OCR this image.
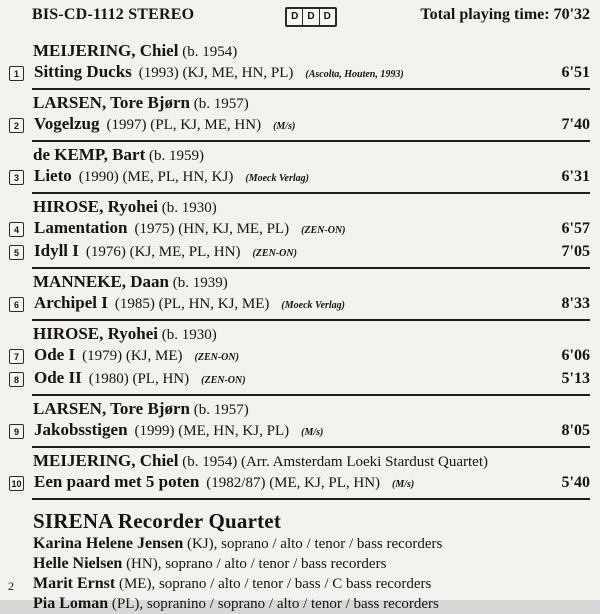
BIS-CD-1112 STEREO	D D D	Total playing time: 70'32
MEIJERING, Chiel (b. 1954)
1 Sitting Ducks (1993) (KJ, ME, HN, PL) (Ascolta, Houten, 1993)	6'51
LARSEN, Tore Bjørn (b. 1957)
2 Vogelzug (1997) (PL, KJ, ME, HN) (M/s)	7'40
de KEMP, Bart (b. 1959)
3 Lieto (1990) (ME, PL, HN, KJ) (Moeck Verlag)	6'31
HIROSE, Ryohei (b. 1930)
4 Lamentation (1975) (HN, KJ, ME, PL) (ZEN-ON)	6'57
5 Idyll I (1976) (KJ, ME, PL, HN) (ZEN-ON)	7'05
MANNEKE, Daan (b. 1939)
6 Archipel I (1985) (PL, HN, KJ, ME) (Moeck Verlag)	8'33
HIROSE, Ryohei (b. 1930)
7 Ode I (1979) (KJ, ME) (ZEN-ON)	6'06
8 Ode II (1980) (PL, HN) (ZEN-ON)	5'13
LARSEN, Tore Bjørn (b. 1957)
9 Jakobsstigen (1999) (ME, HN, KJ, PL) (M/s)	8'05
MEIJERING, Chiel (b. 1954) (Arr. Amsterdam Loeki Stardust Quartet)
10 Een paard met 5 poten (1982/87) (ME, KJ, PL, HN) (M/s)	5'40
SIRENA Recorder Quartet
Karina Helene Jensen (KJ), soprano / alto / tenor / bass recorders
Helle Nielsen (HN), soprano / alto / tenor / bass recorders
Marit Ernst (ME), soprano / alto / tenor / bass / C bass recorders
Pia Loman (PL), sopranino / soprano / alto / tenor / bass recorders
2
